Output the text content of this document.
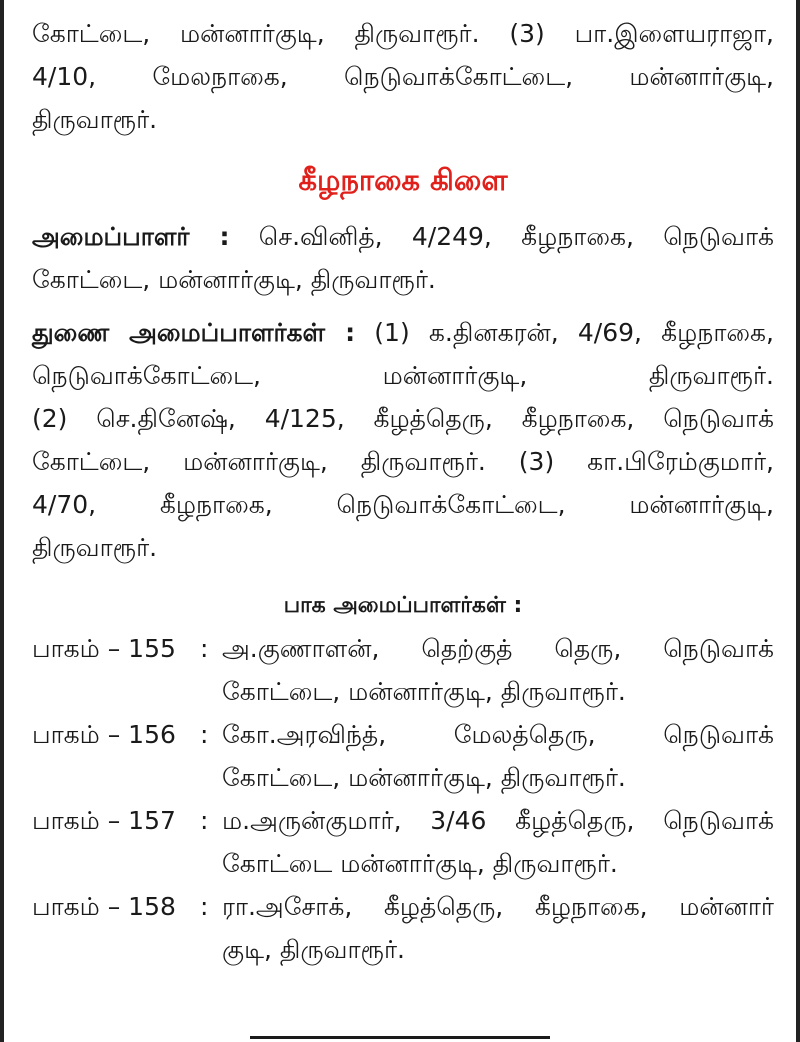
கோட்டை, மன்னார்குடி, திருவாரூர். (3) பா.இளையராஜா,

4/10, மேலநாகை, நெடுவாக்கோட்டை, மன்னார்குடி,

திருவாரூர்.

கீழநாகை கிளை

அமைப்பாளர் : செ.வினித், 4/249, கீழநாகை, நெடுவாக்

கோட்டை, மன்னார்குடி, திருவாரூர்.

துணை அமைப்பாளர்கள் : (1) க.தினகரன், 4/69, கீழநாகை,

நெடுவாக்கோட்டை, மன்னார்குடி, திருவாரூர்.

(2) செ.தினேஷ், 4/125, கீழத்தெரு, கீழநாகை, நெடுவாக்

கோட்டை, மன்னார்குடி, திருவாரூர். (3) கா.பிரேம்குமார்,

4/70, கீழநாகை, நெடுவாக்கோட்டை, மன்னார்குடி,

திருவாரூர்.

பாக அமைப்பாளர்கள் :
பாகம் – 155 : அ.குணாளன், தெற்குத் தெரு, நெடுவாக்
கோட்டை, மன்னார்குடி, திருவாரூர்.
பாகம் – 156 : கோ.அரவிந்த், மேலத்தெரு, நெடுவாக்
கோட்டை, மன்னார்குடி, திருவாரூர்.
பாகம் – 157 : ம.அருன்குமார், 3/46 கீழத்தெரு, நெடுவாக்
கோட்டை மன்னார்குடி, திருவாரூர்.
பாகம் – 158 : ரா.அசோக், கீழத்தெரு, கீழநாகை, மன்னார்
குடி, திருவாரூர்.
